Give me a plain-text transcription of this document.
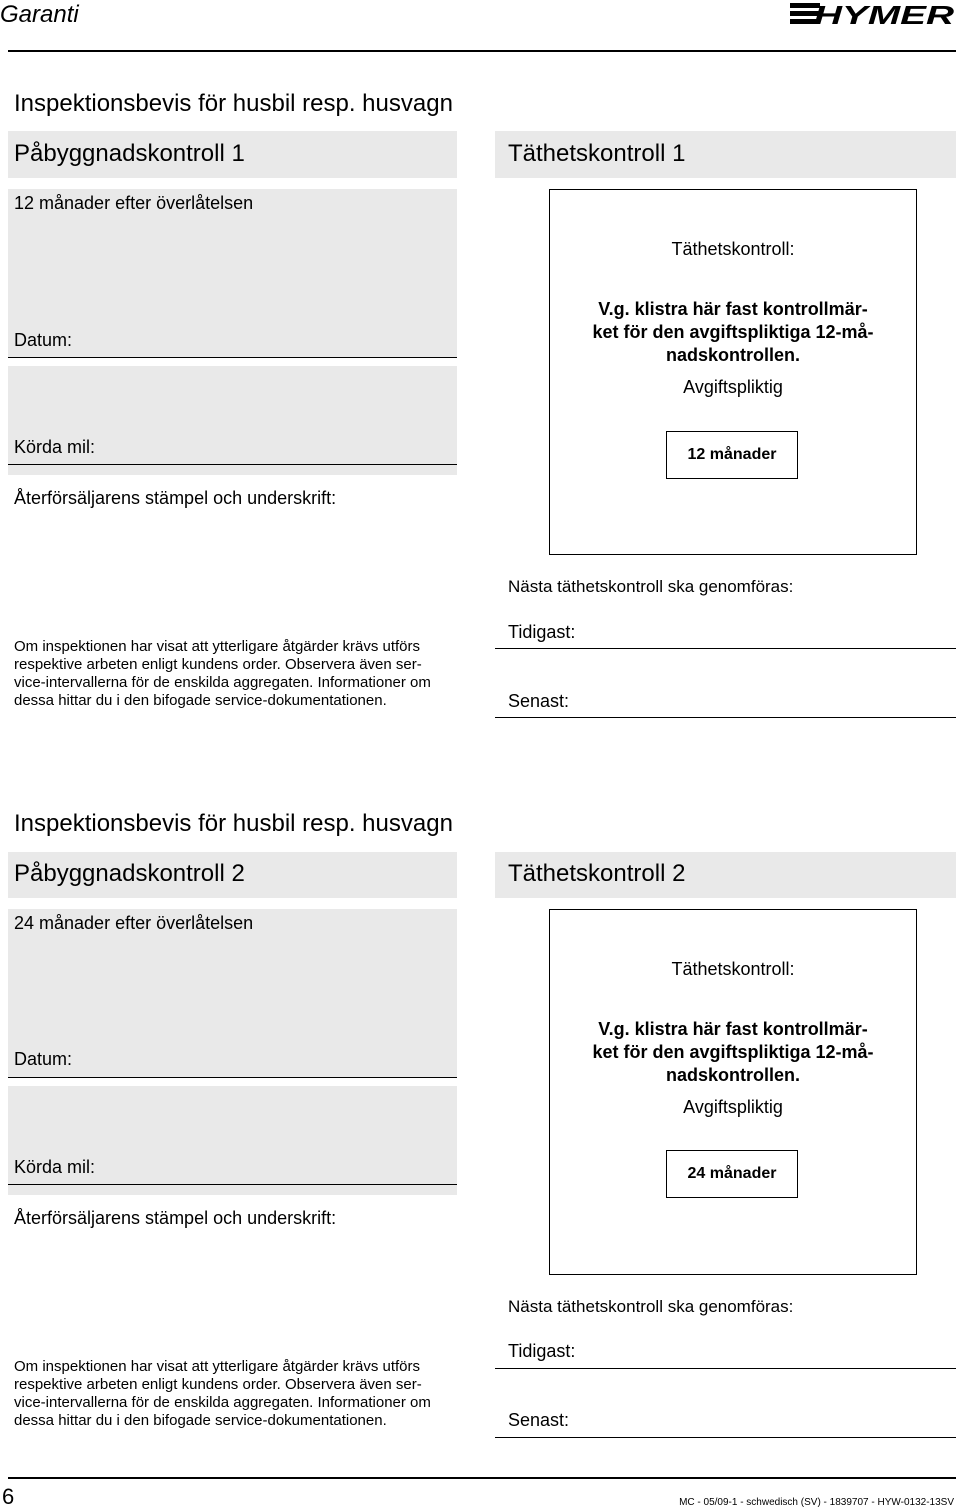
Garanti	HYMER
Inspektionsbevis för husbil resp. husvagn
Påbyggnadskontroll 1	Täthetskontroll 1
12 månader efter överlåtelsen
Datum:
Körda mil:
Återförsäljarens stämpel och underskrift:
Täthetskontroll:
V.g. klistra här fast kontrollmär-
ket för den avgiftspliktiga 12-må-
nadskontrollen.
Avgiftspliktig
12 månader
Nästa täthetskontroll ska genomföras:
Tidigast:
Senast:
Om inspektionen har visat att ytterligare åtgärder krävs utförs respektive arbeten enligt kundens order. Observera även ser- vice-intervallerna för de enskilda aggregaten. Informationer om dessa hittar du i den bifogade service-dokumentationen.
Inspektionsbevis för husbil resp. husvagn
Påbyggnadskontroll 2	Täthetskontroll 2
24 månader efter överlåtelsen
Datum:
Körda mil:
Återförsäljarens stämpel och underskrift:
Täthetskontroll:
V.g. klistra här fast kontrollmär-
ket för den avgiftspliktiga 12-må-
nadskontrollen.
Avgiftspliktig
24 månader
Nästa täthetskontroll ska genomföras:
Tidigast:
Senast:
Om inspektionen har visat att ytterligare åtgärder krävs utförs respektive arbeten enligt kundens order. Observera även ser- vice-intervallerna för de enskilda aggregaten. Informationer om dessa hittar du i den bifogade service-dokumentationen.
6	MC - 05/09-1 - schwedisch (SV) - 1839707 - HYW-0132-13SV
